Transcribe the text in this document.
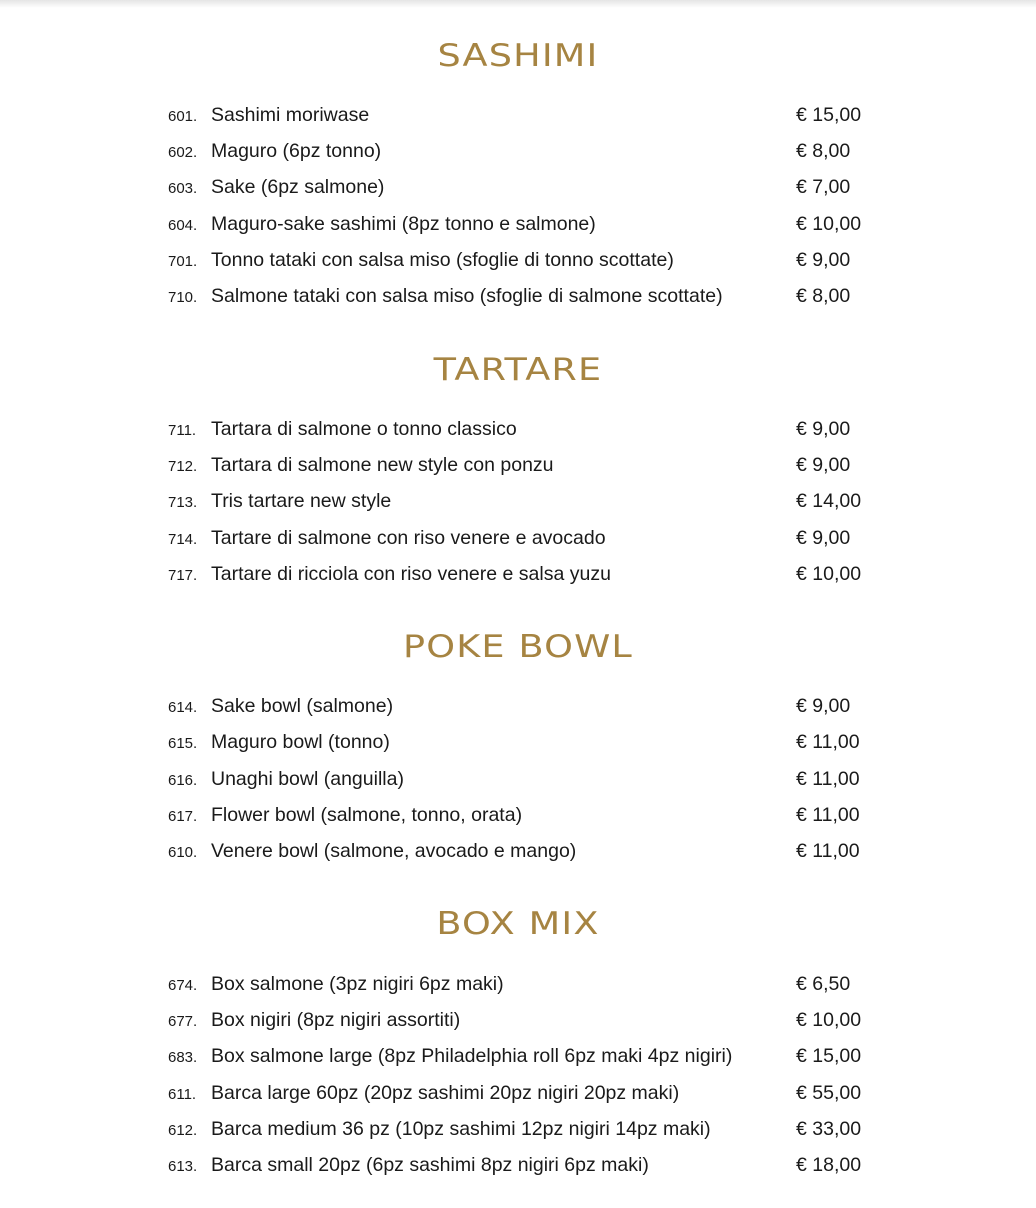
SASHIMI
601. Sashimi moriwase	€ 15,00
602. Maguro (6pz tonno)	€ 8,00
603. Sake (6pz salmone)	€ 7,00
604. Maguro-sake sashimi (8pz tonno e salmone)	€ 10,00
701. Tonno tataki con salsa miso (sfoglie di tonno scottate)	€ 9,00
710. Salmone tataki con salsa miso (sfoglie di salmone scottate)	€ 8,00
TARTARE
711. Tartara di salmone o tonno classico	€ 9,00
712. Tartara di salmone new style con ponzu	€ 9,00
713. Tris tartare new style	€ 14,00
714. Tartare di salmone con riso venere e avocado	€ 9,00
717. Tartare di ricciola con riso venere e salsa yuzu	€ 10,00
POKE BOWL
614. Sake bowl (salmone)	€ 9,00
615. Maguro bowl (tonno)	€ 11,00
616. Unaghi bowl (anguilla)	€ 11,00
617. Flower bowl (salmone, tonno, orata)	€ 11,00
610. Venere bowl (salmone, avocado e mango)	€ 11,00
BOX MIX
674. Box salmone (3pz nigiri 6pz maki)	€ 6,50
677. Box nigiri (8pz nigiri assortiti)	€ 10,00
683. Box salmone large (8pz Philadelphia roll 6pz maki 4pz nigiri)	€ 15,00
611. Barca large 60pz (20pz sashimi 20pz nigiri 20pz maki)	€ 55,00
612. Barca medium 36 pz (10pz sashimi 12pz nigiri 14pz maki)	€ 33,00
613. Barca small 20pz (6pz sashimi 8pz nigiri 6pz maki)	€ 18,00
